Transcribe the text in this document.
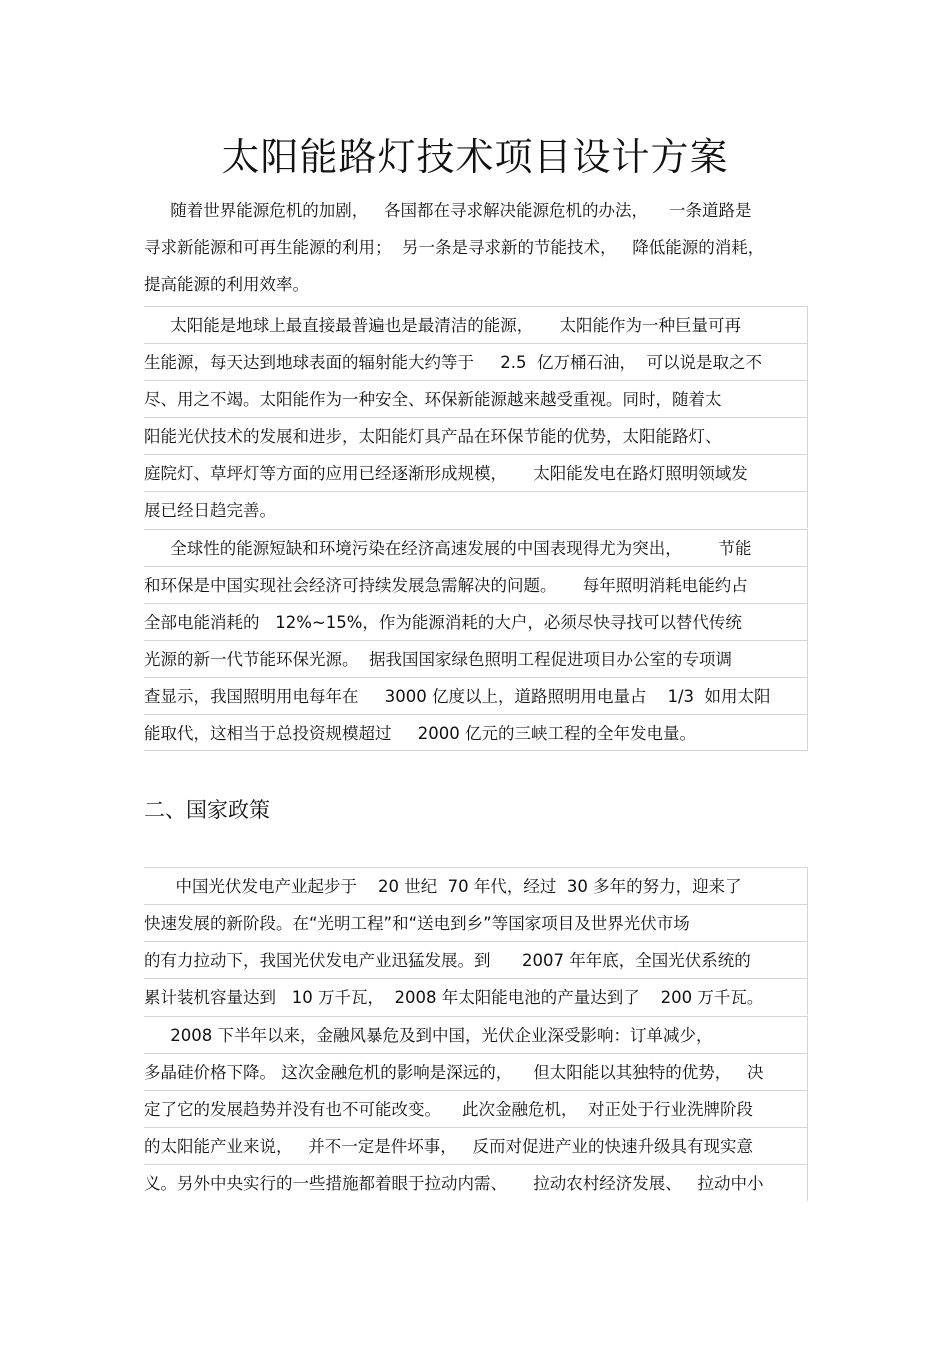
太阳能路灯技术项目设计方案
随着世界能源危机的加剧，   各国都在寻求解决能源危机的办法，    一条道路是
寻求新能源和可再生能源的利用；  另一条是寻求新的节能技术，   降低能源的消耗，
提高能源的利用效率。
太阳能是地球上最直接最普遍也是最清洁的能源，     太阳能作为一种巨量可再
生能源，每天达到地球表面的辐射能大约等于     2.5  亿万桶石油，  可以说是取之不
尽、用之不竭。太阳能作为一种安全、环保新能源越来越受重视。同时，随着太
阳能光伏技术的发展和进步，太阳能灯具产品在环保节能的优势，太阳能路灯、
庭院灯、草坪灯等方面的应用已经逐渐形成规模，     太阳能发电在路灯照明领域发
展已经日趋完善。
全球性的能源短缺和环境污染在经济高速发展的中国表现得尤为突出，       节能
和环保是中国实现社会经济可持续发展急需解决的问题。     每年照明消耗电能约占
全部电能消耗的   12%~15%，作为能源消耗的大户，必须尽快寻找可以替代传统
光源的新一代节能环保光源。  据我国国家绿色照明工程促进项目办公室的专项调
查显示，我国照明用电每年在     3000 亿度以上，道路照明用电量占    1/3  如用太阳
能取代，这相当于总投资规模超过     2000 亿元的三峡工程的全年发电量。
二、国家政策
中国光伏发电产业起步于    20 世纪  70 年代，经过  30 多年的努力，迎来了
快速发展的新阶段。在“光明工程”和“送电到乡”等国家项目及世界光伏市场
的有力拉动下，我国光伏发电产业迅猛发展。到      2007 年年底，全国光伏系统的
累计装机容量达到   10 万千瓦，  2008 年太阳能电池的产量达到了    200 万千瓦。
2008 下半年以来，金融风暴危及到中国，光伏企业深受影响：订单减少，
多晶硅价格下降。 这次金融危机的影响是深远的，    但太阳能以其独特的优势，   决
定了它的发展趋势并没有也不可能改变。    此次金融危机，  对正处于行业洗牌阶段
的太阳能产业来说，   并不一定是件坏事，   反而对促进产业的快速升级具有现实意
义。另外中央实行的一些措施都着眼于拉动内需、     拉动农村经济发展、   拉动中小
